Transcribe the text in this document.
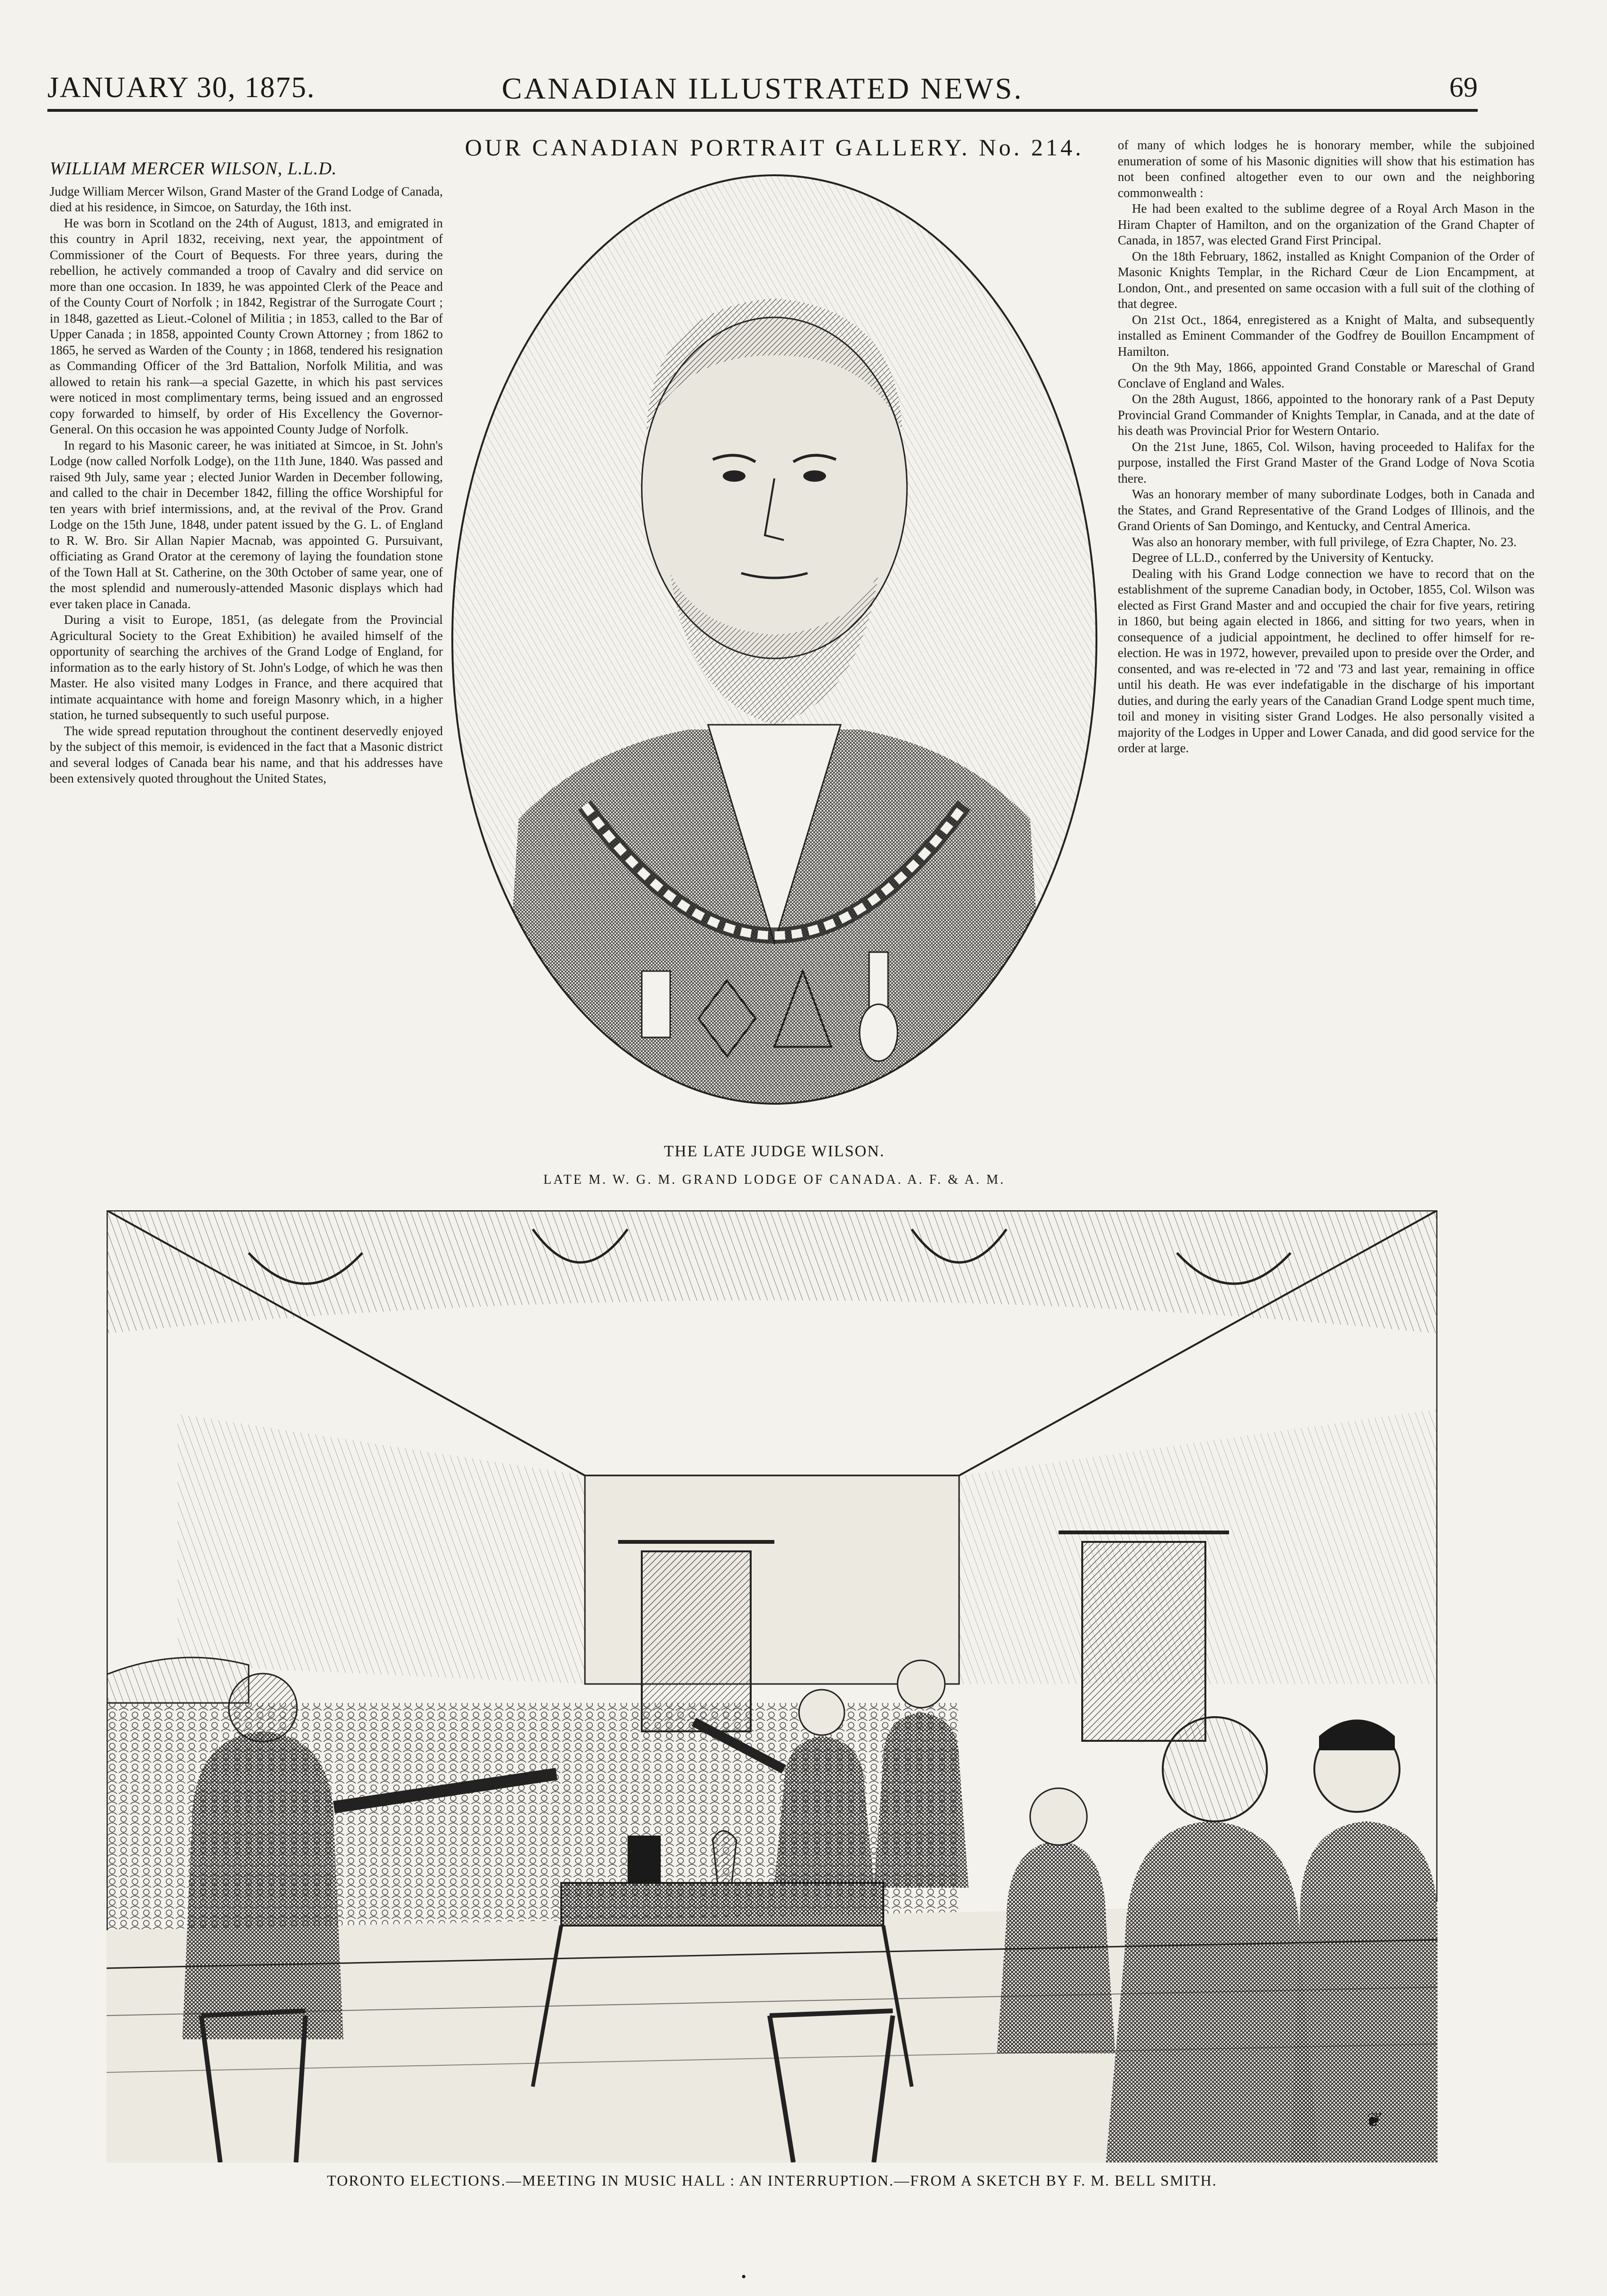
JANUARY 30, 1875.	CANADIAN ILLUSTRATED NEWS.	69
OUR CANADIAN PORTRAIT GALLERY. No. 214.
WILLIAM MERCER WILSON, L.L.D.

Judge William Mercer Wilson, Grand Master of the Grand Lodge of Canada, died at his residence, in Simcoe, on Saturday, the 16th inst.

He was born in Scotland on the 24th of August, 1813, and emigrated in this country in April 1832, receiving, next year, the appointment of Commissioner of the Court of Bequests. For three years, during the rebellion, he actively commanded a troop of Cavalry and did service on more than one occasion. In 1839, he was appointed Clerk of the Peace and of the County Court of Norfolk ; in 1842, Registrar of the Surrogate Court ; in 1848, gazetted as Lieut.-Colonel of Militia ; in 1853, called to the Bar of Upper Canada ; in 1858, appointed County Crown Attorney ; from 1862 to 1865, he served as Warden of the County ; in 1868, tendered his resignation as Commanding Officer of the 3rd Battalion, Norfolk Militia, and was allowed to retain his rank—a special Gazette, in which his past services were noticed in most complimentary terms, being issued and an engrossed copy forwarded to himself, by order of His Excellency the Governor-General. On this occasion he was appointed County Judge of Norfolk.

In regard to his Masonic career, he was initiated at Simcoe, in St. John's Lodge (now called Norfolk Lodge), on the 11th June, 1840. Was passed and raised 9th July, same year ; elected Junior Warden in December following, and called to the chair in December 1842, filling the office Worshipful for ten years with brief intermissions, and, at the revival of the Prov. Grand Lodge on the 15th June, 1848, under patent issued by the G. L. of England to R. W. Bro. Sir Allan Napier Macnab, was appointed G. Pursuivant, officiating as Grand Orator at the ceremony of laying the foundation stone of the Town Hall at St. Catherine, on the 30th October of same year, one of the most splendid and numerously-attended Masonic displays which had ever taken place in Canada.

During a visit to Europe, 1851, (as delegate from the Provincial Agricultural Society to the Great Exhibition) he availed himself of the opportunity of searching the archives of the Grand Lodge of England, for information as to the early history of St. John's Lodge, of which he was then Master. He also visited many Lodges in France, and there acquired that intimate acquaintance with home and foreign Masonry which, in a higher station, he turned subsequently to such useful purpose.

The wide spread reputation throughout the continent deservedly enjoyed by the subject of this memoir, is evidenced in the fact that a Masonic district and several lodges of Canada bear his name, and that his addresses have been extensively quoted throughout the United States,

THE LATE JUDGE WILSON.
LATE M. W. G. M. GRAND LODGE OF CANADA. A. F. & A. M.

of many of which lodges he is honorary member, while the subjoined enumeration of some of his Masonic dignities will show that his estimation has not been confined altogether even to our own and the neighboring commonwealth :

He had been exalted to the sublime degree of a Royal Arch Mason in the Hiram Chapter of Hamilton, and on the organization of the Grand Chapter of Canada, in 1857, was elected Grand First Principal.

On the 18th February, 1862, installed as Knight Companion of the Order of Masonic Knights Templar, in the Richard Cœur de Lion Encampment, at London, Ont., and presented on same occasion with a full suit of the clothing of that degree.

On 21st Oct., 1864, enregistered as a Knight of Malta, and subsequently installed as Eminent Commander of the Godfrey de Bouillon Encampment of Hamilton.

On the 9th May, 1866, appointed Grand Constable or Mareschal of Grand Conclave of England and Wales.

On the 28th August, 1866, appointed to the honorary rank of a Past Deputy Provincial Grand Commander of Knights Templar, in Canada, and at the date of his death was Provincial Prior for Western Ontario.

On the 21st June, 1865, Col. Wilson, having proceeded to Halifax for the purpose, installed the First Grand Master of the Grand Lodge of Nova Scotia there.

Was an honorary member of many subordinate Lodges, both in Canada and the States, and Grand Representative of the Grand Lodges of Illinois, and the Grand Orients of San Domingo, and Kentucky, and Central America.

Was also an honorary member, with full privilege, of Ezra Chapter, No. 23.

Degree of LL.D., conferred by the University of Kentucky.

Dealing with his Grand Lodge connection we have to record that on the establishment of the supreme Canadian body, in October, 1855, Col. Wilson was elected as First Grand Master and and occupied the chair for five years, retiring in 1860, but being again elected in 1866, and sitting for two years, when in consequence of a judicial appointment, he declined to offer himself for re-election. He was in 1972, however, prevailed upon to preside over the Order, and consented, and was re-elected in '72 and '73 and last year, remaining in office until his death. He was ever indefatigable in the discharge of his important duties, and during the early years of the Canadian Grand Lodge spent much time, toil and money in visiting sister Grand Lodges. He also personally visited a majority of the Lodges in Upper and Lower Canada, and did good service for the order at large.

❦
TORONTO ELECTIONS.—MEETING IN MUSIC HALL : AN INTERRUPTION.—FROM A SKETCH BY F. M. BELL SMITH.
•
